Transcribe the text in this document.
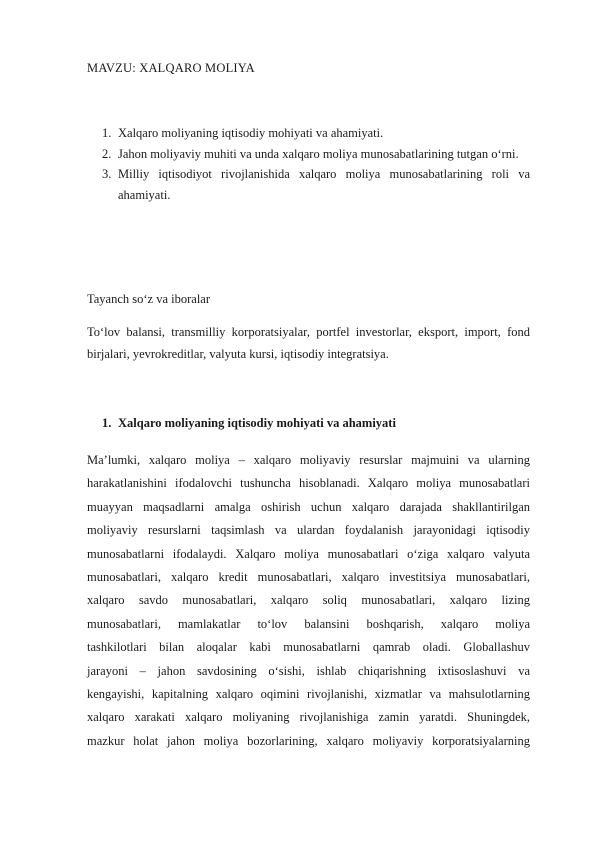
MAVZU: XALQARO MOLIYA
1. Xalqaro moliyaning iqtisodiy mohiyati va ahamiyati.
2. Jahon moliyaviy muhiti va unda xalqaro moliya munosabatlarining tutgan o‘rni.
3. Milliy iqtisodiyot rivojlanishida xalqaro moliya munosabatlarining roli va ahamiyati.
Tayanch so‘z va iboralar

To‘lov balansi, transmilliy korporatsiyalar, portfel investorlar, eksport, import, fond birjalari, yevrokreditlar, valyuta kursi, iqtisodiy integratsiya.

1. Xalqaro moliyaning iqtisodiy mohiyati va ahamiyati
Ma’lumki, xalqaro moliya – xalqaro moliyaviy resurslar majmuini va ularning
harakatlanishini ifodalovchi tushuncha hisoblanadi. Xalqaro moliya munosabatlari
muayyan maqsadlarni amalga oshirish uchun xalqaro darajada shakllantirilgan
moliyaviy resurslarni taqsimlash va ulardan foydalanish jarayonidagi iqtisodiy
munosabatlarni ifodalaydi. Xalqaro moliya munosabatlari o‘ziga xalqaro valyuta
munosabatlari, xalqaro kredit munosabatlari, xalqaro investitsiya munosabatlari,
xalqaro savdo munosabatlari, xalqaro soliq munosabatlari, xalqaro lizing
munosabatlari, mamlakatlar to‘lov balansini boshqarish, xalqaro moliya
tashkilotlari bilan aloqalar kabi munosabatlarni qamrab oladi. Globallashuv
jarayoni – jahon savdosining o‘sishi, ishlab chiqarishning ixtisoslashuvi va
kengayishi, kapitalning xalqaro oqimini rivojlanishi, xizmatlar va mahsulotlarning
xalqaro xarakati xalqaro moliyaning rivojlanishiga zamin yaratdi. Shuningdek,
mazkur holat jahon moliya bozorlarining, xalqaro moliyaviy korporatsiyalarning
